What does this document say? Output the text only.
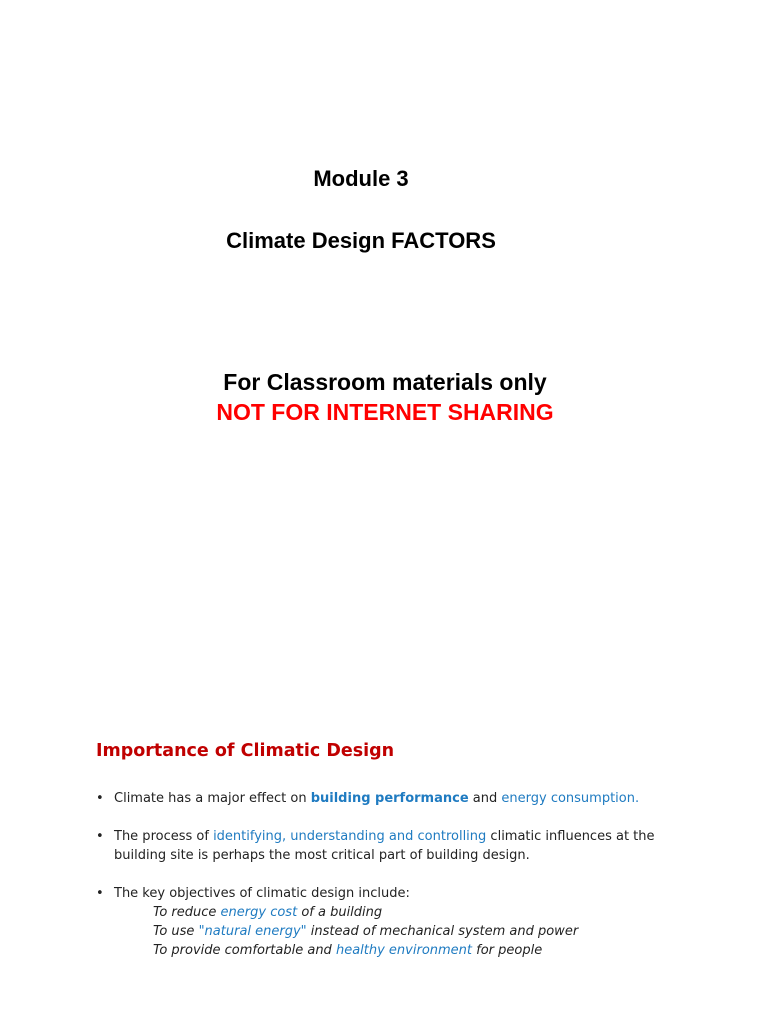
Module 3
Climate Design FACTORS
For Classroom materials only
NOT FOR INTERNET SHARING
Importance of Climatic Design
• Climate has a major effect on building performance and energy consumption.
• The process of identifying, understanding and controlling climatic influences at the building site is perhaps the most critical part of building design.
• The key objectives of climatic design include:
To reduce energy cost of a building
To use "natural energy" instead of mechanical system and power
To provide comfortable and healthy environment for people
